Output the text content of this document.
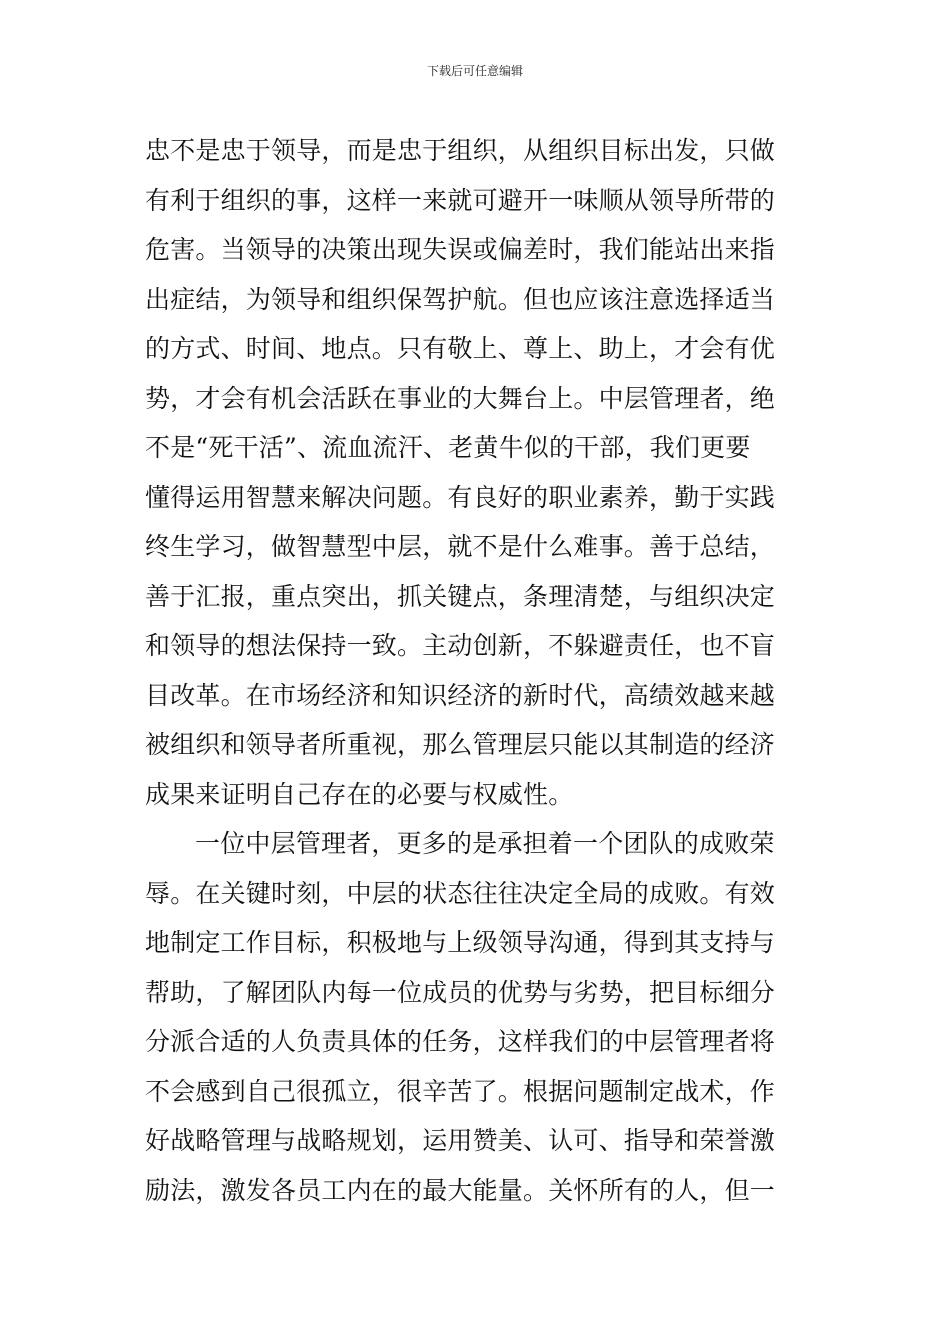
下载后可任意编辑
忠不是忠于领导，而是忠于组织，从组织目标出发，只做
有利于组织的事，这样一来就可避开一味顺从领导所带的
危害。当领导的决策出现失误或偏差时，我们能站出来指
出症结，为领导和组织保驾护航。但也应该注意选择适当
的方式、时间、地点。只有敬上、尊上、助上，才会有优
势，才会有机会活跃在事业的大舞台上。中层管理者，绝
不是“死干活”、流血流汗、老黄牛似的干部，我们更要
懂得运用智慧来解决问题。有良好的职业素养，勤于实践
终生学习，做智慧型中层，就不是什么难事。善于总结，
善于汇报，重点突出，抓关键点，条理清楚，与组织决定
和领导的想法保持一致。主动创新，不躲避责任，也不盲
目改革。在市场经济和知识经济的新时代，高绩效越来越
被组织和领导者所重视，那么管理层只能以其制造的经济
成果来证明自己存在的必要与权威性。
一位中层管理者，更多的是承担着一个团队的成败荣
辱。在关键时刻，中层的状态往往决定全局的成败。有效
地制定工作目标，积极地与上级领导沟通，得到其支持与
帮助，了解团队内每一位成员的优势与劣势，把目标细分
分派合适的人负责具体的任务，这样我们的中层管理者将
不会感到自己很孤立，很辛苦了。根据问题制定战术，作
好战略管理与战略规划，运用赞美、认可、指导和荣誉激
励法，激发各员工内在的最大能量。关怀所有的人，但一
